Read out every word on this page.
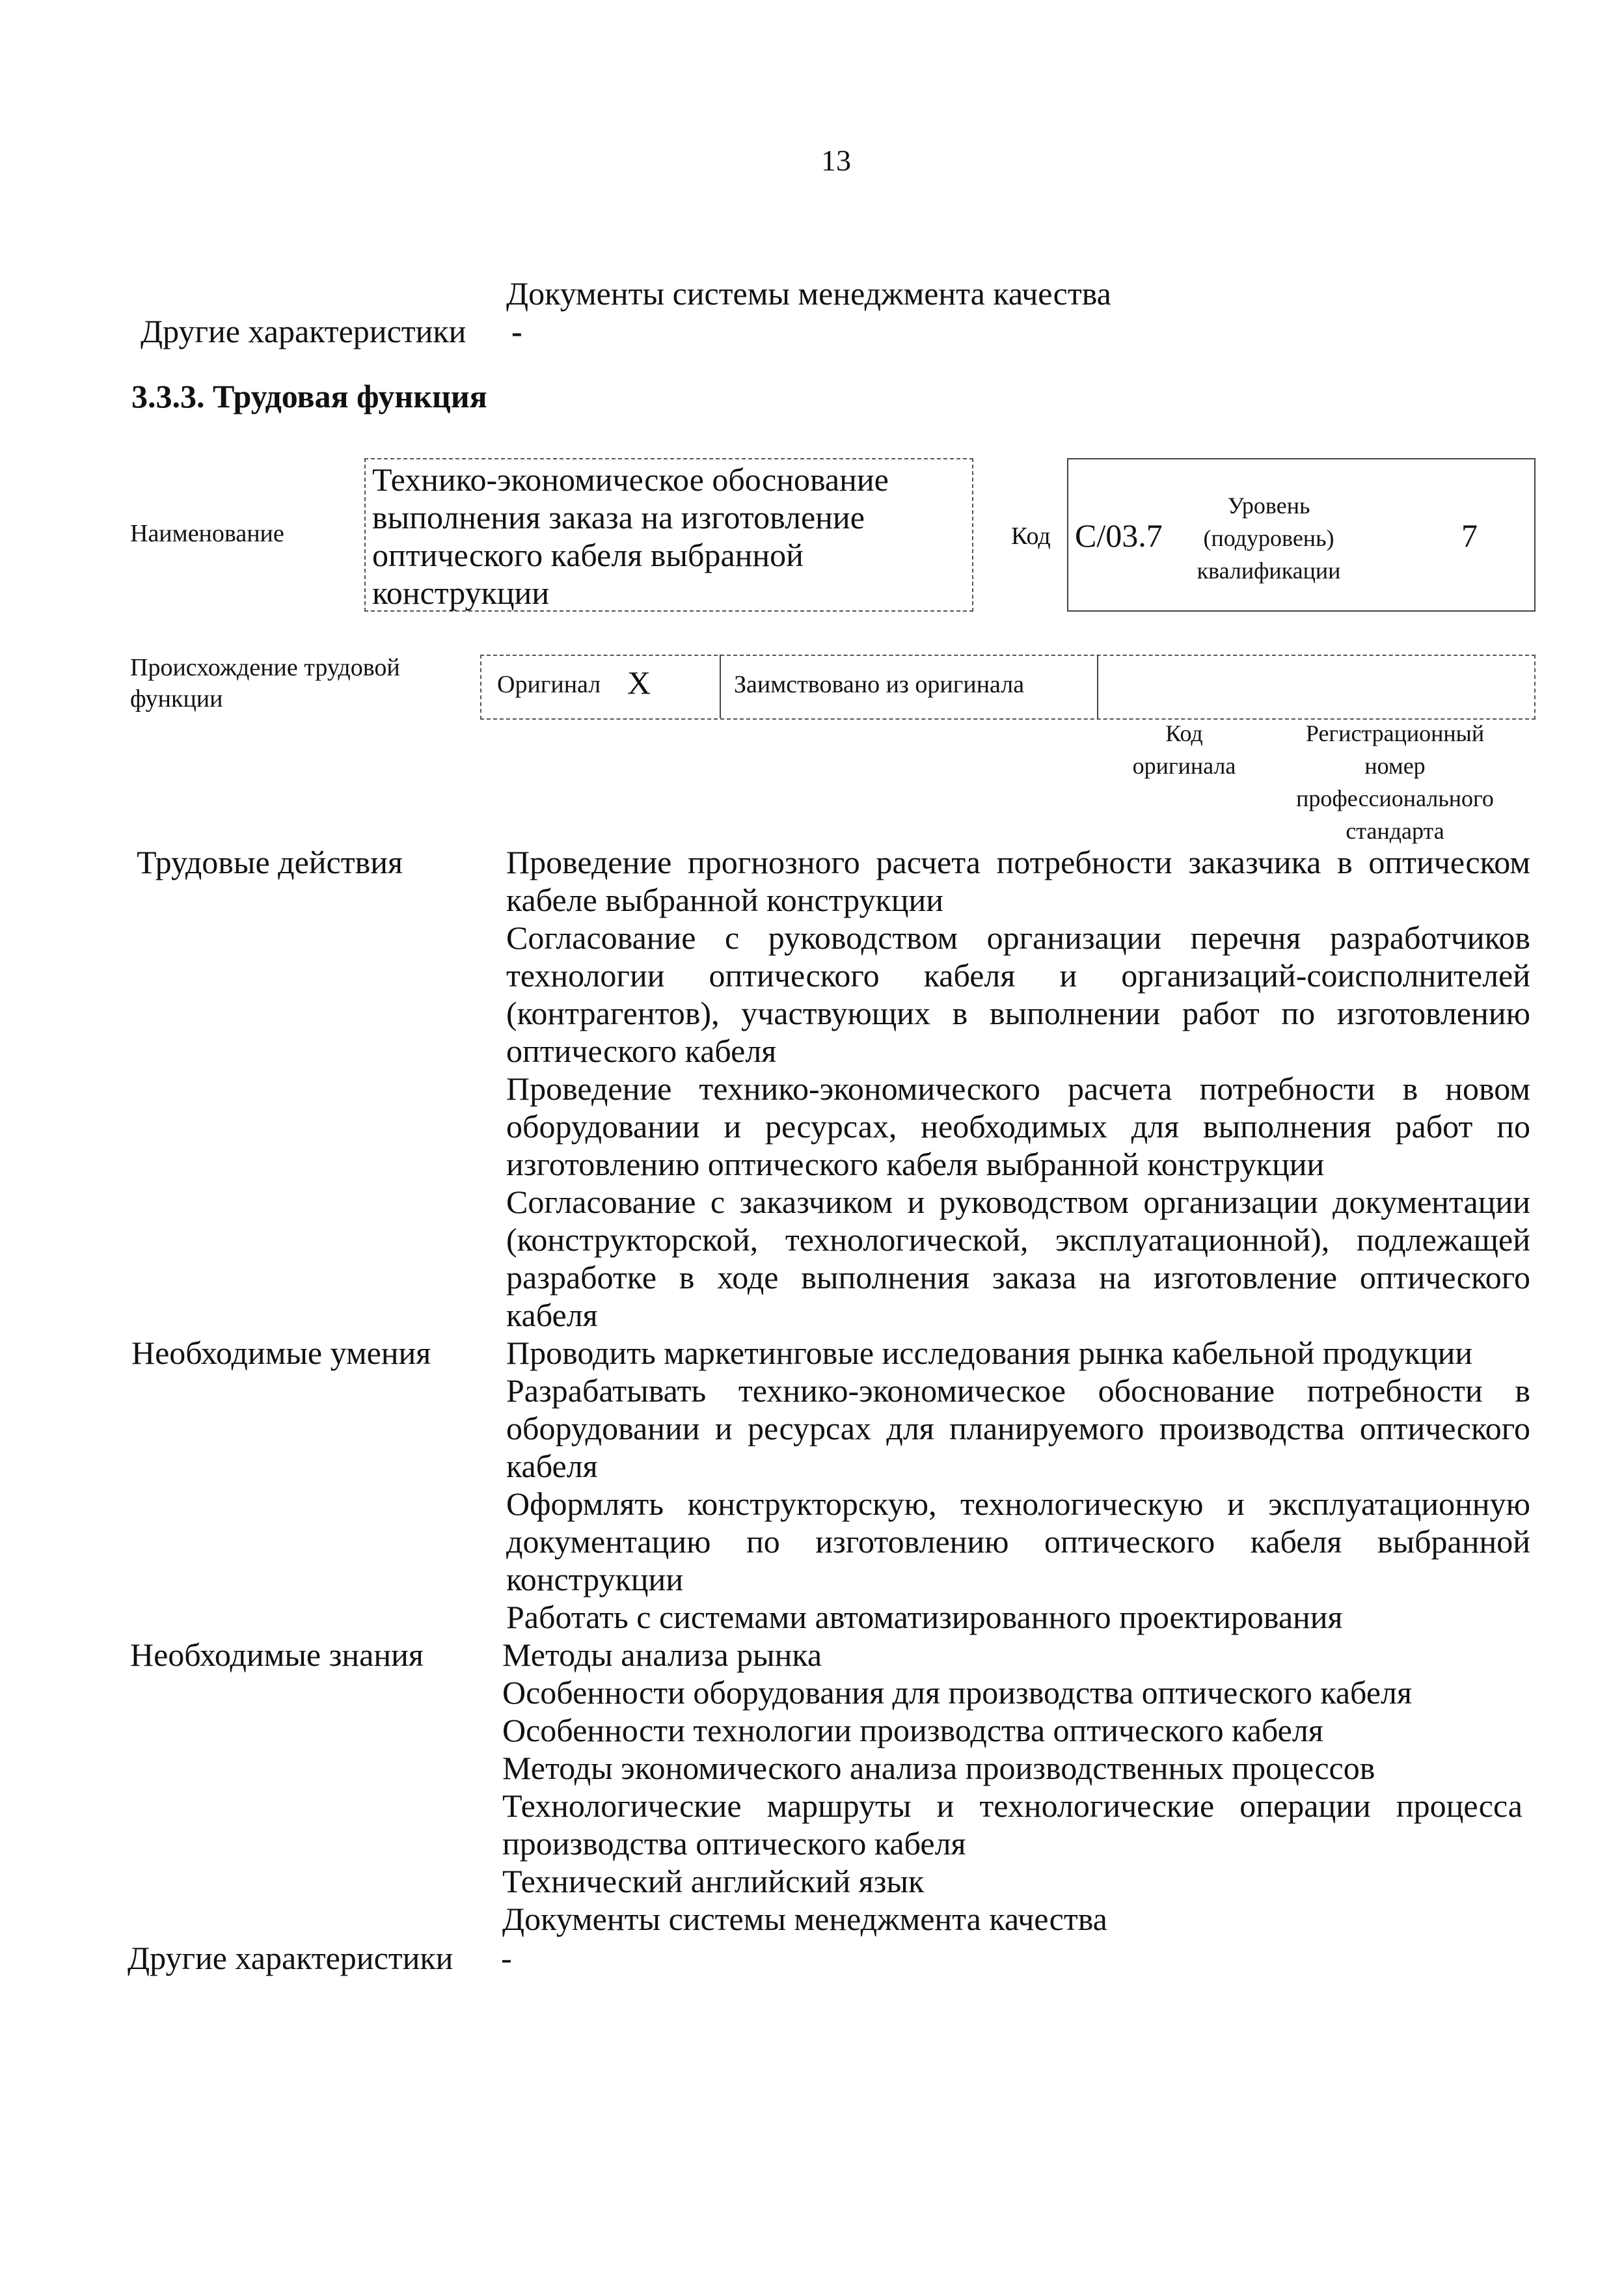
13
Документы системы менеджмента качества
Другие характеристики -
3.3.3. Трудовая функция
Наименование
Технико-экономическое обоснование
выполнения заказа на изготовление
оптического кабеля выбранной
конструкции
Код С/03.7
Уровень
(подуровень)
квалификации
7
Происхождение трудовой
функции
Оригинал X	Заимствовано из оригинала
Код
оригинала
Регистрационный
номер
профессионального
стандарта
Трудовые действия	Проведение прогнозного расчета потребности заказчика в оптическом
кабеле выбранной конструкции
Согласование с руководством организации перечня разработчиков
технологии оптического кабеля и организаций-соисполнителей
(контрагентов), участвующих в выполнении работ по изготовлению
оптического кабеля
Проведение технико-экономического расчета потребности в новом
оборудовании и ресурсах, необходимых для выполнения работ по
изготовлению оптического кабеля выбранной конструкции
Согласование с заказчиком и руководством организации документации
(конструкторской, технологической, эксплуатационной), подлежащей
разработке в ходе выполнения заказа на изготовление оптического
кабеля
Необходимые умения Проводить маркетинговые исследования рынка кабельной продукции
Разрабатывать технико-экономическое обоснование потребности в
оборудовании и ресурсах для планируемого производства оптического
кабеля
Оформлять конструкторскую, технологическую и эксплуатационную
документацию по изготовлению оптического кабеля выбранной
конструкции
Работать с системами автоматизированного проектирования
Необходимые знания Методы анализа рынка
Особенности оборудования для производства оптического кабеля
Особенности технологии производства оптического кабеля
Методы экономического анализа производственных процессов
Технологические маршруты и технологические операции процесса
производства оптического кабеля
Технический английский язык
Документы системы менеджмента качества
Другие характеристики -
